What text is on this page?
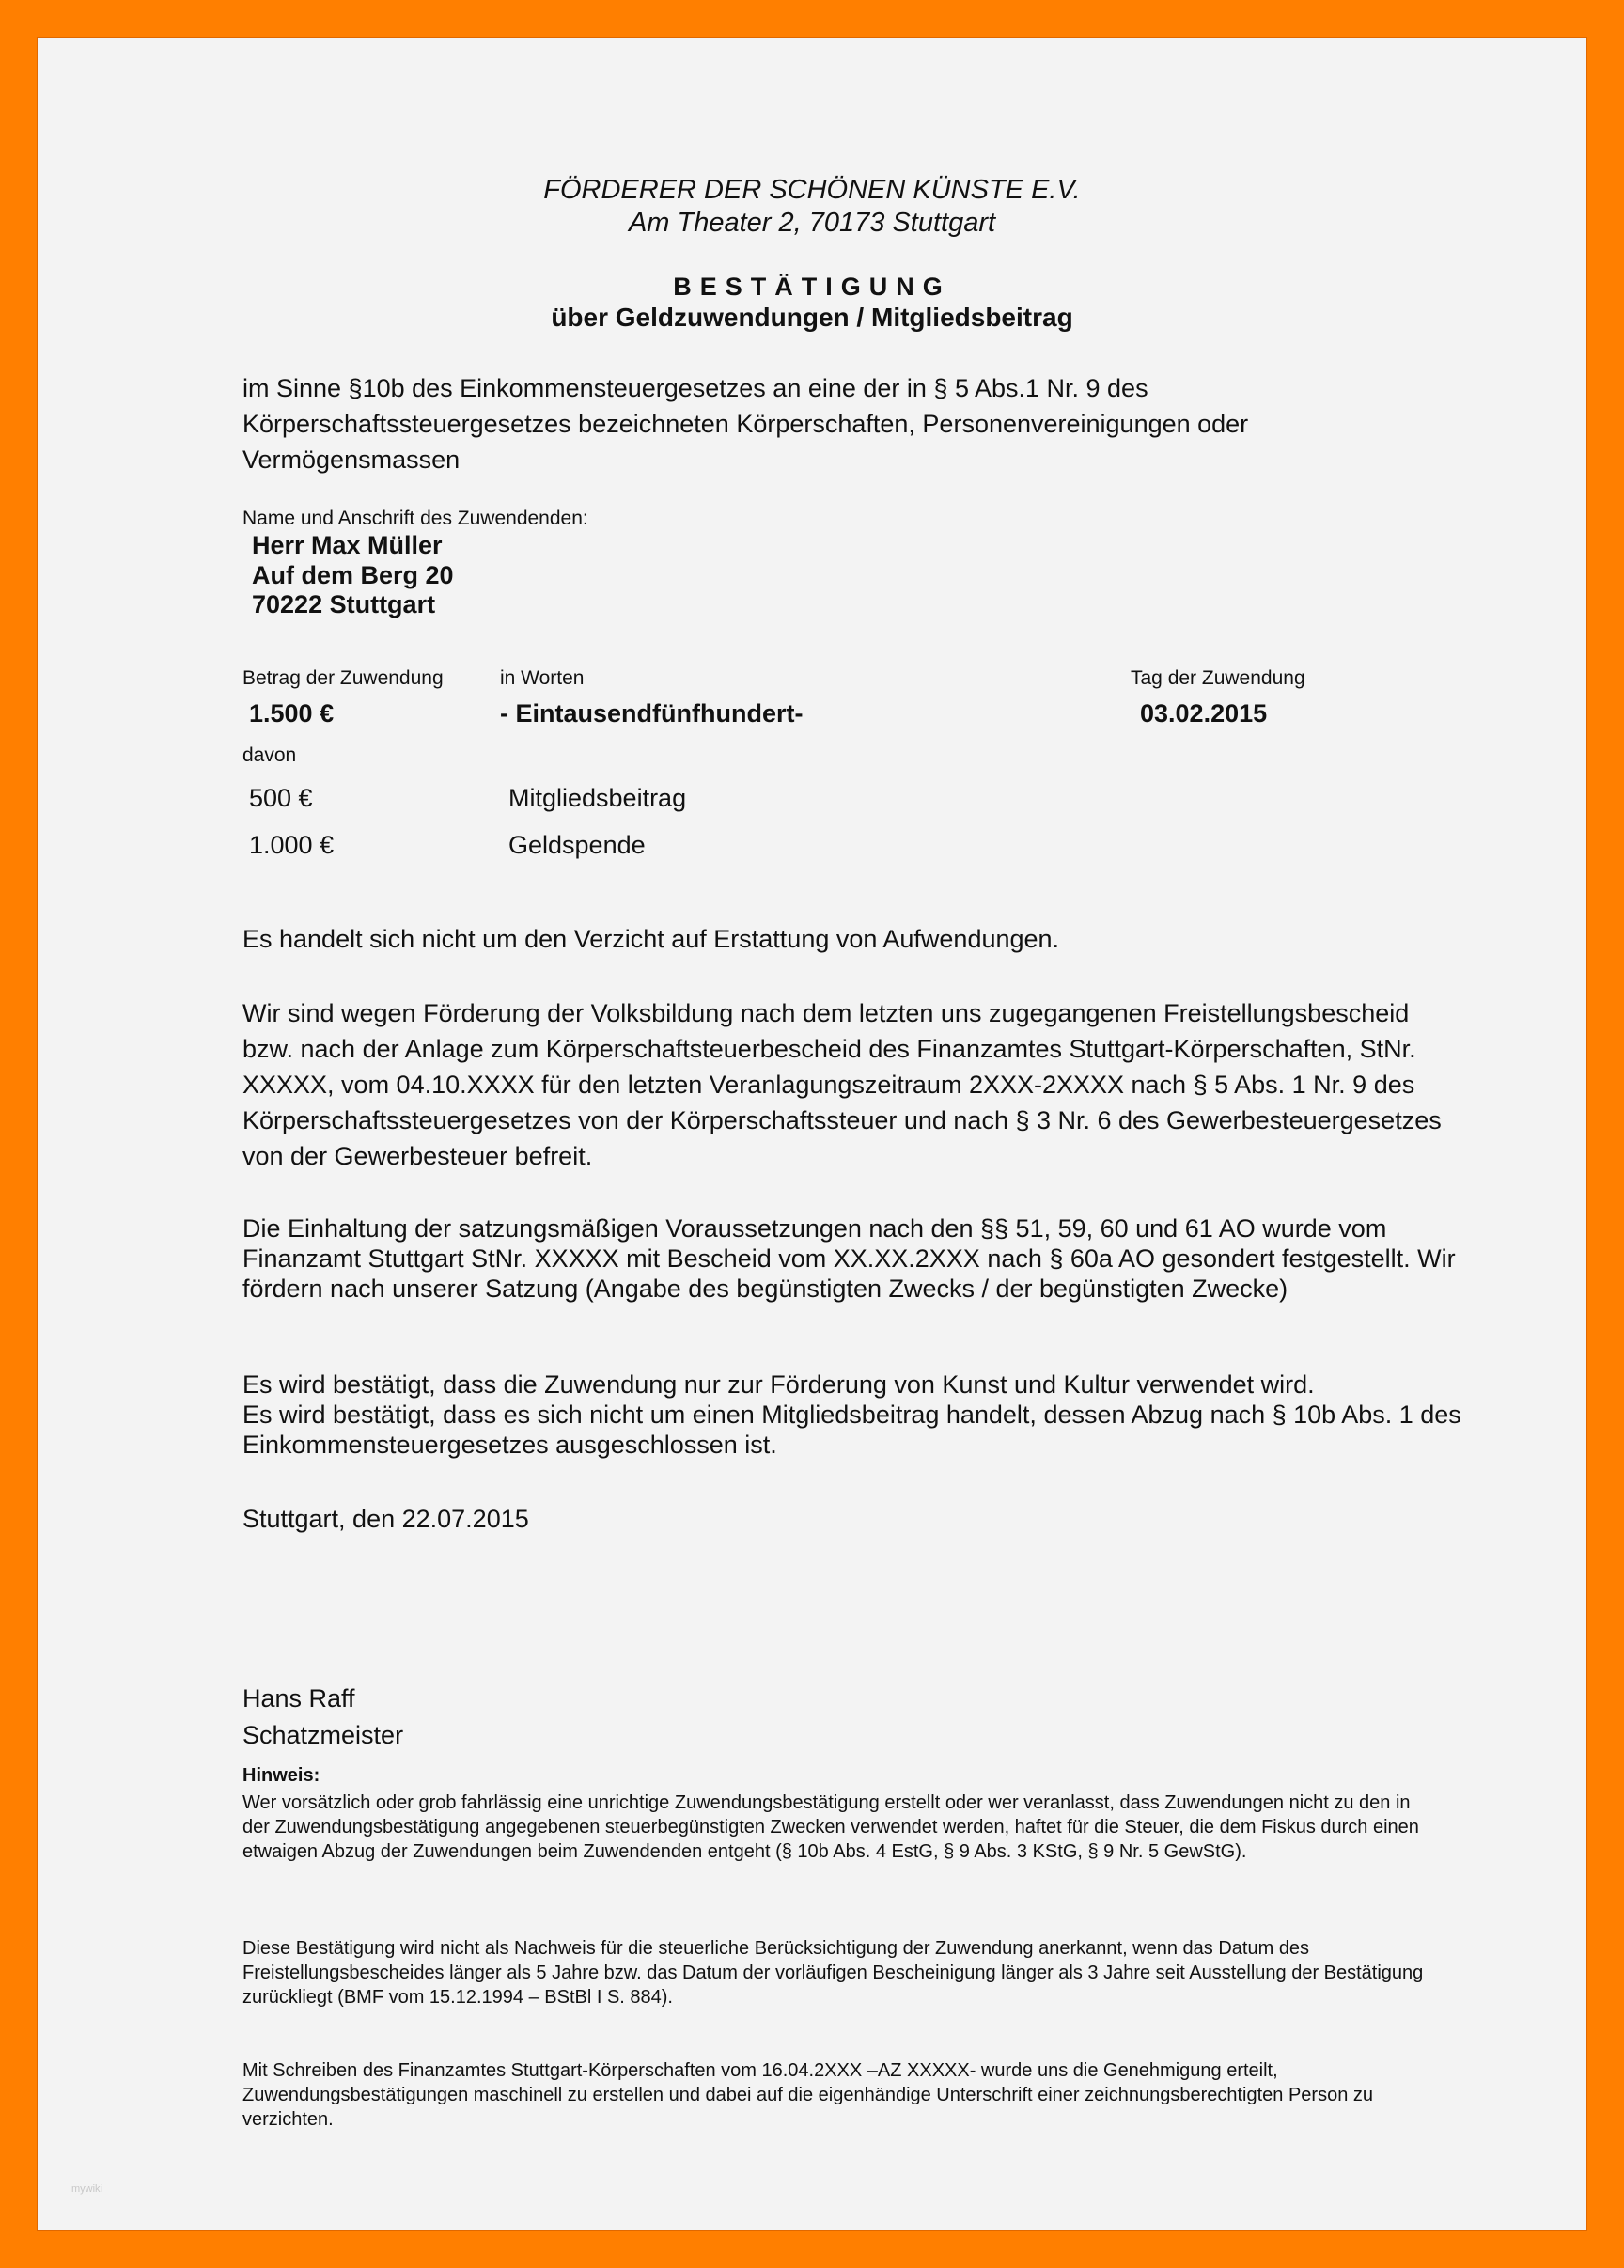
FÖRDERER DER SCHÖNEN KÜNSTE E.V.
Am Theater 2, 70173 Stuttgart
BESTÄTIGUNG
über Geldzuwendungen / Mitgliedsbeitrag
im Sinne §10b des Einkommensteuergesetzes an eine der in § 5 Abs.1 Nr. 9 des Körperschaftssteuergesetzes bezeichneten Körperschaften, Personenvereinigungen oder Vermögensmassen
Name und Anschrift des Zuwendenden:
Herr Max Müller
Auf dem Berg 20
70222 Stuttgart
Betrag der Zuwendung	in Worten	Tag der Zuwendung
1.500 €	- Eintausendfünfhundert-	03.02.2015
davon
500 €	Mitgliedsbeitrag
1.000 €	Geldspende
Es handelt sich nicht um den Verzicht auf Erstattung von Aufwendungen.
Wir sind wegen Förderung der Volksbildung nach dem letzten uns zugegangenen Freistellungsbescheid bzw. nach der Anlage zum Körperschaftsteuerbescheid des Finanzamtes Stuttgart-Körperschaften, StNr. XXXXX, vom 04.10.XXXX für den letzten Veranlagungszeitraum 2XXX-2XXXX nach § 5 Abs. 1 Nr. 9 des Körperschaftssteuergesetzes von der Körperschaftssteuer und nach § 3 Nr. 6 des Gewerbesteuergesetzes von der Gewerbesteuer befreit.
Die Einhaltung der satzungsmäßigen Voraussetzungen nach den §§ 51, 59, 60 und 61 AO wurde vom Finanzamt Stuttgart StNr. XXXXX mit Bescheid vom XX.XX.2XXX nach § 60a AO gesondert festgestellt. Wir fördern nach unserer Satzung (Angabe des begünstigten Zwecks / der begünstigten Zwecke)
Es wird bestätigt, dass die Zuwendung nur zur Förderung von Kunst und Kultur verwendet wird.
Es wird bestätigt, dass es sich nicht um einen Mitgliedsbeitrag handelt, dessen Abzug nach § 10b Abs. 1 des Einkommensteuergesetzes ausgeschlossen ist.
Stuttgart, den 22.07.2015
Hans Raff
Schatzmeister
Hinweis:
Wer vorsätzlich oder grob fahrlässig eine unrichtige Zuwendungsbestätigung erstellt oder wer veranlasst, dass Zuwendungen nicht zu den in der Zuwendungsbestätigung angegebenen steuerbegünstigten Zwecken verwendet werden, haftet für die Steuer, die dem Fiskus durch einen etwaigen Abzug der Zuwendungen beim Zuwendenden entgeht (§ 10b Abs. 4 EstG, § 9 Abs. 3 KStG, § 9 Nr. 5 GewStG).
Diese Bestätigung wird nicht als Nachweis für die steuerliche Berücksichtigung der Zuwendung anerkannt, wenn das Datum des Freistellungsbescheides länger als 5 Jahre bzw. das Datum der vorläufigen Bescheinigung länger als 3 Jahre seit Ausstellung der Bestätigung zurückliegt (BMF vom 15.12.1994 – BStBl I S. 884).
Mit Schreiben des Finanzamtes Stuttgart-Körperschaften vom 16.04.2XXX –AZ XXXXX- wurde uns die Genehmigung erteilt, Zuwendungsbestätigungen maschinell zu erstellen und dabei auf die eigenhändige Unterschrift einer zeichnungsberechtigten Person zu verzichten.
mywiki
